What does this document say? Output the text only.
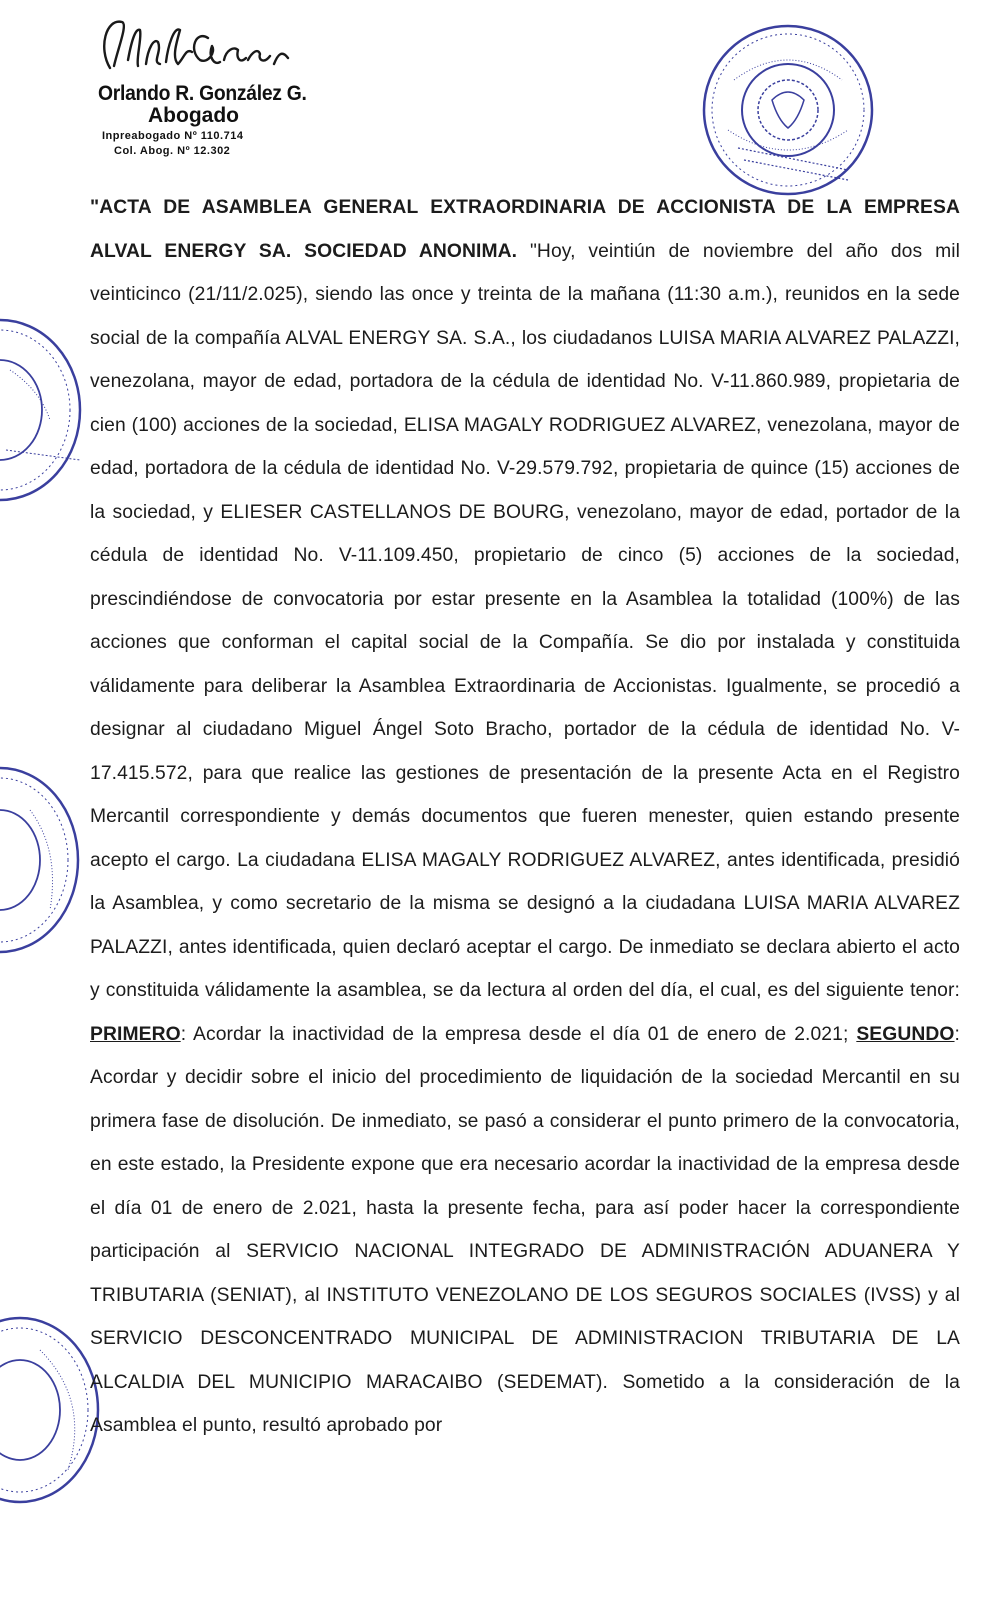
Orlando González
Orlando R. González G.
Abogado
Inpreabogado Nº 110.714
Col. Abog. Nº 12.302
"ACTA DE ASAMBLEA GENERAL EXTRAORDINARIA DE ACCIONISTA DE LA EMPRESA ALVAL ENERGY SA. SOCIEDAD ANONIMA. "Hoy, veintiún de noviembre del año dos mil veinticinco (21/11/2.025), siendo las once y treinta de la mañana (11:30 a.m.), reunidos en la sede social de la compañía ALVAL ENERGY SA. S.A., los ciudadanos LUISA MARIA ALVAREZ PALAZZI, venezolana, mayor de edad, portadora de la cédula de identidad No. V-11.860.989, propietaria de cien (100) acciones de la sociedad, ELISA MAGALY RODRIGUEZ ALVAREZ, venezolana, mayor de edad, portadora de la cédula de identidad No. V-29.579.792, propietaria de quince (15) acciones de la sociedad, y ELIESER CASTELLANOS DE BOURG, venezolano, mayor de edad, portador de la cédula de identidad No. V-11.109.450, propietario de cinco (5) acciones de la sociedad, prescindiéndose de convocatoria por estar presente en la Asamblea la totalidad (100%) de las acciones que conforman el capital social de la Compañía. Se dio por instalada y constituida válidamente para deliberar la Asamblea Extraordinaria de Accionistas. Igualmente, se procedió a designar al ciudadano Miguel Ángel Soto Bracho, portador de la cédula de identidad No. V-17.415.572, para que realice las gestiones de presentación de la presente Acta en el Registro Mercantil correspondiente y demás documentos que fueren menester, quien estando presente acepto el cargo. La ciudadana ELISA MAGALY RODRIGUEZ ALVAREZ, antes identificada, presidió la Asamblea, y como secretario de la misma se designó a la ciudadana LUISA MARIA ALVAREZ PALAZZI, antes identificada, quien declaró aceptar el cargo. De inmediato se declara abierto el acto y constituida válidamente la asamblea, se da lectura al orden del día, el cual, es del siguiente tenor: PRIMERO: Acordar la inactividad de la empresa desde el día 01 de enero de 2.021; SEGUNDO: Acordar y decidir sobre el inicio del procedimiento de liquidación de la sociedad Mercantil en su primera fase de disolución. De inmediato, se pasó a considerar el punto primero de la convocatoria, en este estado, la Presidente expone que era necesario acordar la inactividad de la empresa desde el día 01 de enero de 2.021, hasta la presente fecha, para así poder hacer la correspondiente participación al SERVICIO NACIONAL INTEGRADO DE ADMINISTRACIÓN ADUANERA Y TRIBUTARIA (SENIAT), al INSTITUTO VENEZOLANO DE LOS SEGUROS SOCIALES (IVSS) y al SERVICIO DESCONCENTRADO MUNICIPAL DE ADMINISTRACION TRIBUTARIA DE LA ALCALDIA DEL MUNICIPIO MARACAIBO (SEDEMAT). Sometido a la consideración de la Asamblea el punto, resultó aprobado por
